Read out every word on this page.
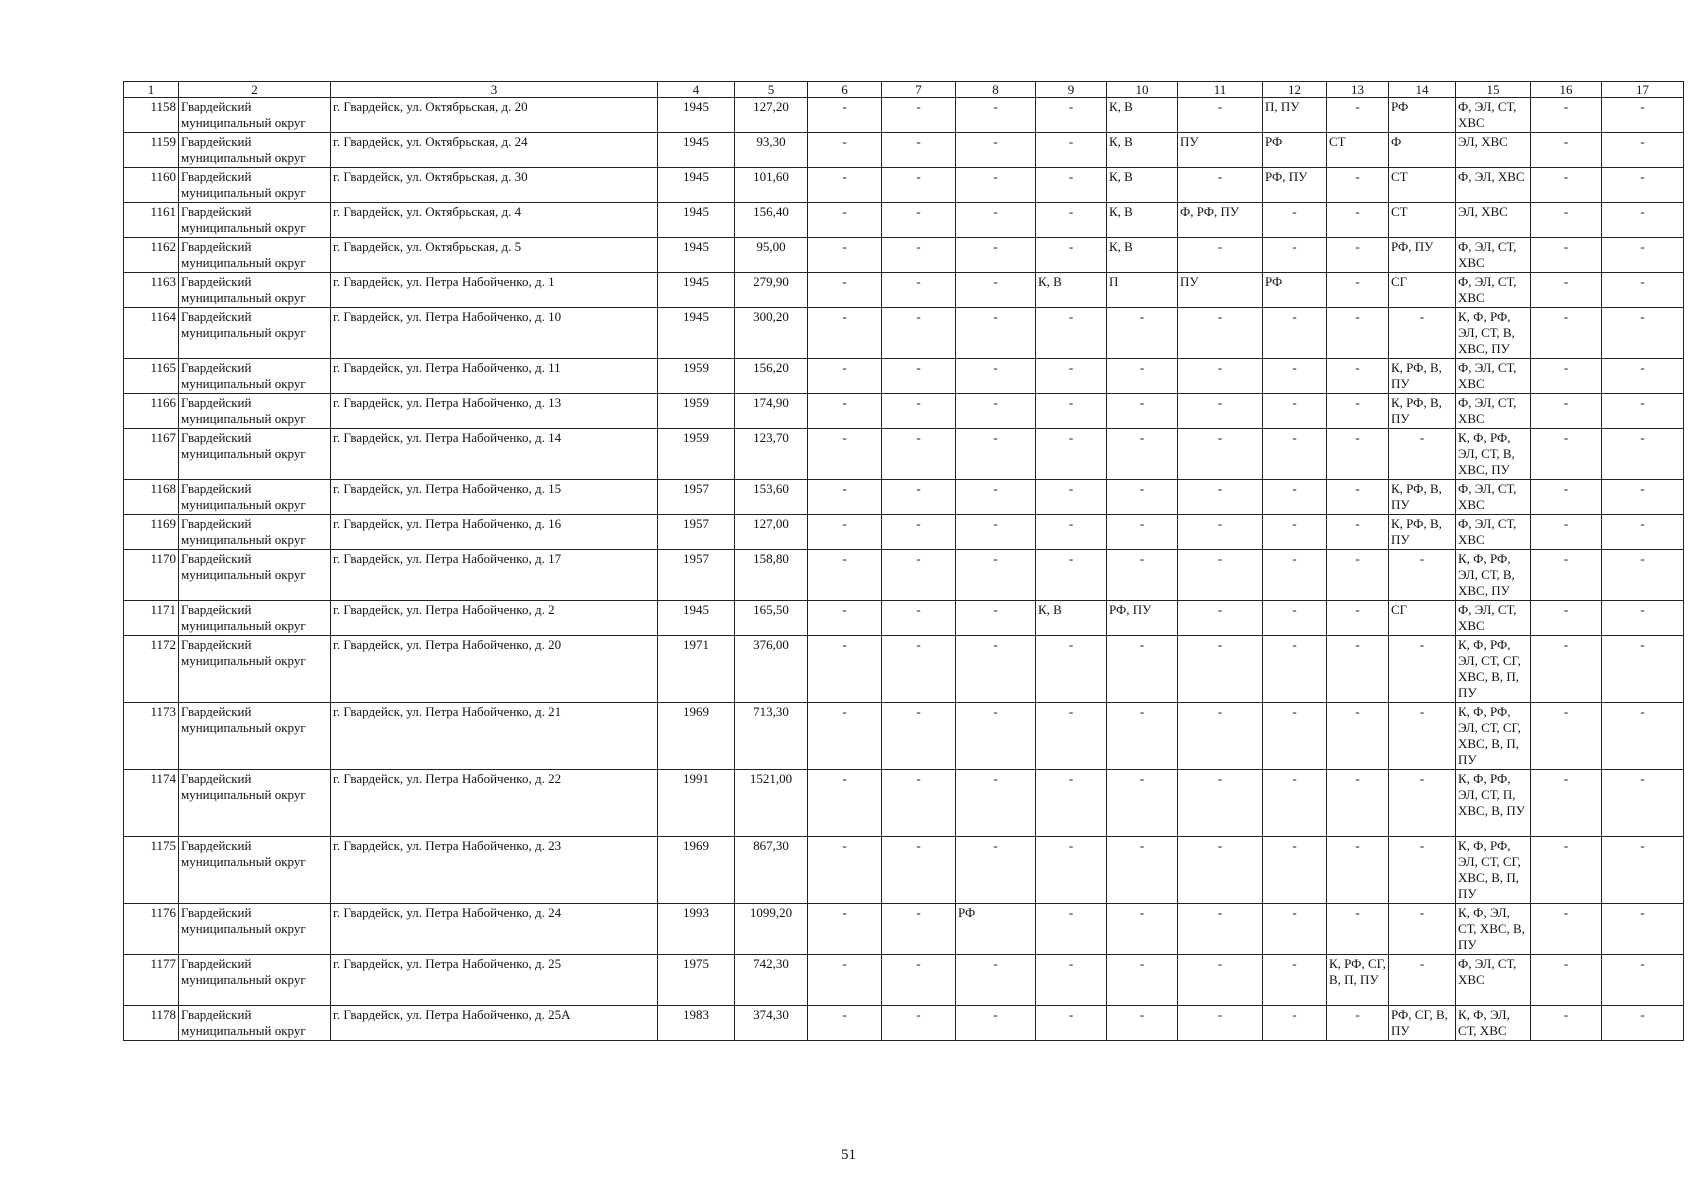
1	2	3	4	5	6	7	8	9	10	11	12	13	14	15	16	17
1158	Гвардейский муниципальный округ	г. Гвардейск, ул. Октябрьская, д. 20	1945	127,20	-	-	-	-	К, В	-	П, ПУ	-	РФ	Ф, ЭЛ, СТ, ХВС	-	-
1159	Гвардейский муниципальный округ	г. Гвардейск, ул. Октябрьская, д. 24	1945	93,30	-	-	-	-	К, В	ПУ	РФ	СТ	Ф	ЭЛ, ХВС	-	-
1160	Гвардейский муниципальный округ	г. Гвардейск, ул. Октябрьская, д. 30	1945	101,60	-	-	-	-	К, В	-	РФ, ПУ	-	СТ	Ф, ЭЛ, ХВС	-	-
1161	Гвардейский муниципальный округ	г. Гвардейск, ул. Октябрьская, д. 4	1945	156,40	-	-	-	-	К, В	Ф, РФ, ПУ	-	-	СТ	ЭЛ, ХВС	-	-
1162	Гвардейский муниципальный округ	г. Гвардейск, ул. Октябрьская, д. 5	1945	95,00	-	-	-	-	К, В	-	-	-	РФ, ПУ	Ф, ЭЛ, СТ, ХВС	-	-
1163	Гвардейский муниципальный округ	г. Гвардейск, ул. Петра Набойченко, д. 1	1945	279,90	-	-	-	К, В	П	ПУ	РФ	-	СГ	Ф, ЭЛ, СТ, ХВС	-	-
1164	Гвардейский муниципальный округ	г. Гвардейск, ул. Петра Набойченко, д. 10	1945	300,20	-	-	-	-	-	-	-	-	-	К, Ф, РФ, ЭЛ, СТ, В, ХВС, ПУ	-	-
1165	Гвардейский муниципальный округ	г. Гвардейск, ул. Петра Набойченко, д. 11	1959	156,20	-	-	-	-	-	-	-	-	К, РФ, В, ПУ	Ф, ЭЛ, СТ, ХВС	-	-
1166	Гвардейский муниципальный округ	г. Гвардейск, ул. Петра Набойченко, д. 13	1959	174,90	-	-	-	-	-	-	-	-	К, РФ, В, ПУ	Ф, ЭЛ, СТ, ХВС	-	-
1167	Гвардейский муниципальный округ	г. Гвардейск, ул. Петра Набойченко, д. 14	1959	123,70	-	-	-	-	-	-	-	-	-	К, Ф, РФ, ЭЛ, СТ, В, ХВС, ПУ	-	-
1168	Гвардейский муниципальный округ	г. Гвардейск, ул. Петра Набойченко, д. 15	1957	153,60	-	-	-	-	-	-	-	-	К, РФ, В, ПУ	Ф, ЭЛ, СТ, ХВС	-	-
1169	Гвардейский муниципальный округ	г. Гвардейск, ул. Петра Набойченко, д. 16	1957	127,00	-	-	-	-	-	-	-	-	К, РФ, В, ПУ	Ф, ЭЛ, СТ, ХВС	-	-
1170	Гвардейский муниципальный округ	г. Гвардейск, ул. Петра Набойченко, д. 17	1957	158,80	-	-	-	-	-	-	-	-	-	К, Ф, РФ, ЭЛ, СТ, В, ХВС, ПУ	-	-
1171	Гвардейский муниципальный округ	г. Гвардейск, ул. Петра Набойченко, д. 2	1945	165,50	-	-	-	К, В	РФ, ПУ	-	-	-	СГ	Ф, ЭЛ, СТ, ХВС	-	-
1172	Гвардейский муниципальный округ	г. Гвардейск, ул. Петра Набойченко, д. 20	1971	376,00	-	-	-	-	-	-	-	-	-	К, Ф, РФ, ЭЛ, СТ, СГ, ХВС, В, П, ПУ	-	-
1173	Гвардейский муниципальный округ	г. Гвардейск, ул. Петра Набойченко, д. 21	1969	713,30	-	-	-	-	-	-	-	-	-	К, Ф, РФ, ЭЛ, СТ, СГ, ХВС, В, П, ПУ	-	-
1174	Гвардейский муниципальный округ	г. Гвардейск, ул. Петра Набойченко, д. 22	1991	1521,00	-	-	-	-	-	-	-	-	-	К, Ф, РФ, ЭЛ, СТ, П, ХВС, В, ПУ	-	-
1175	Гвардейский муниципальный округ	г. Гвардейск, ул. Петра Набойченко, д. 23	1969	867,30	-	-	-	-	-	-	-	-	-	К, Ф, РФ, ЭЛ, СТ, СГ, ХВС, В, П, ПУ	-	-
1176	Гвардейский муниципальный округ	г. Гвардейск, ул. Петра Набойченко, д. 24	1993	1099,20	-	-	РФ	-	-	-	-	-	-	К, Ф, ЭЛ, СТ, ХВС, В, ПУ	-	-
1177	Гвардейский муниципальный округ	г. Гвардейск, ул. Петра Набойченко, д. 25	1975	742,30	-	-	-	-	-	-	-	К, РФ, СГ, В, П, ПУ	-	Ф, ЭЛ, СТ, ХВС	-	-
1178	Гвардейский муниципальный округ	г. Гвардейск, ул. Петра Набойченко, д. 25А	1983	374,30	-	-	-	-	-	-	-	-	РФ, СГ, В, ПУ	К, Ф, ЭЛ, СТ, ХВС	-	-
51
